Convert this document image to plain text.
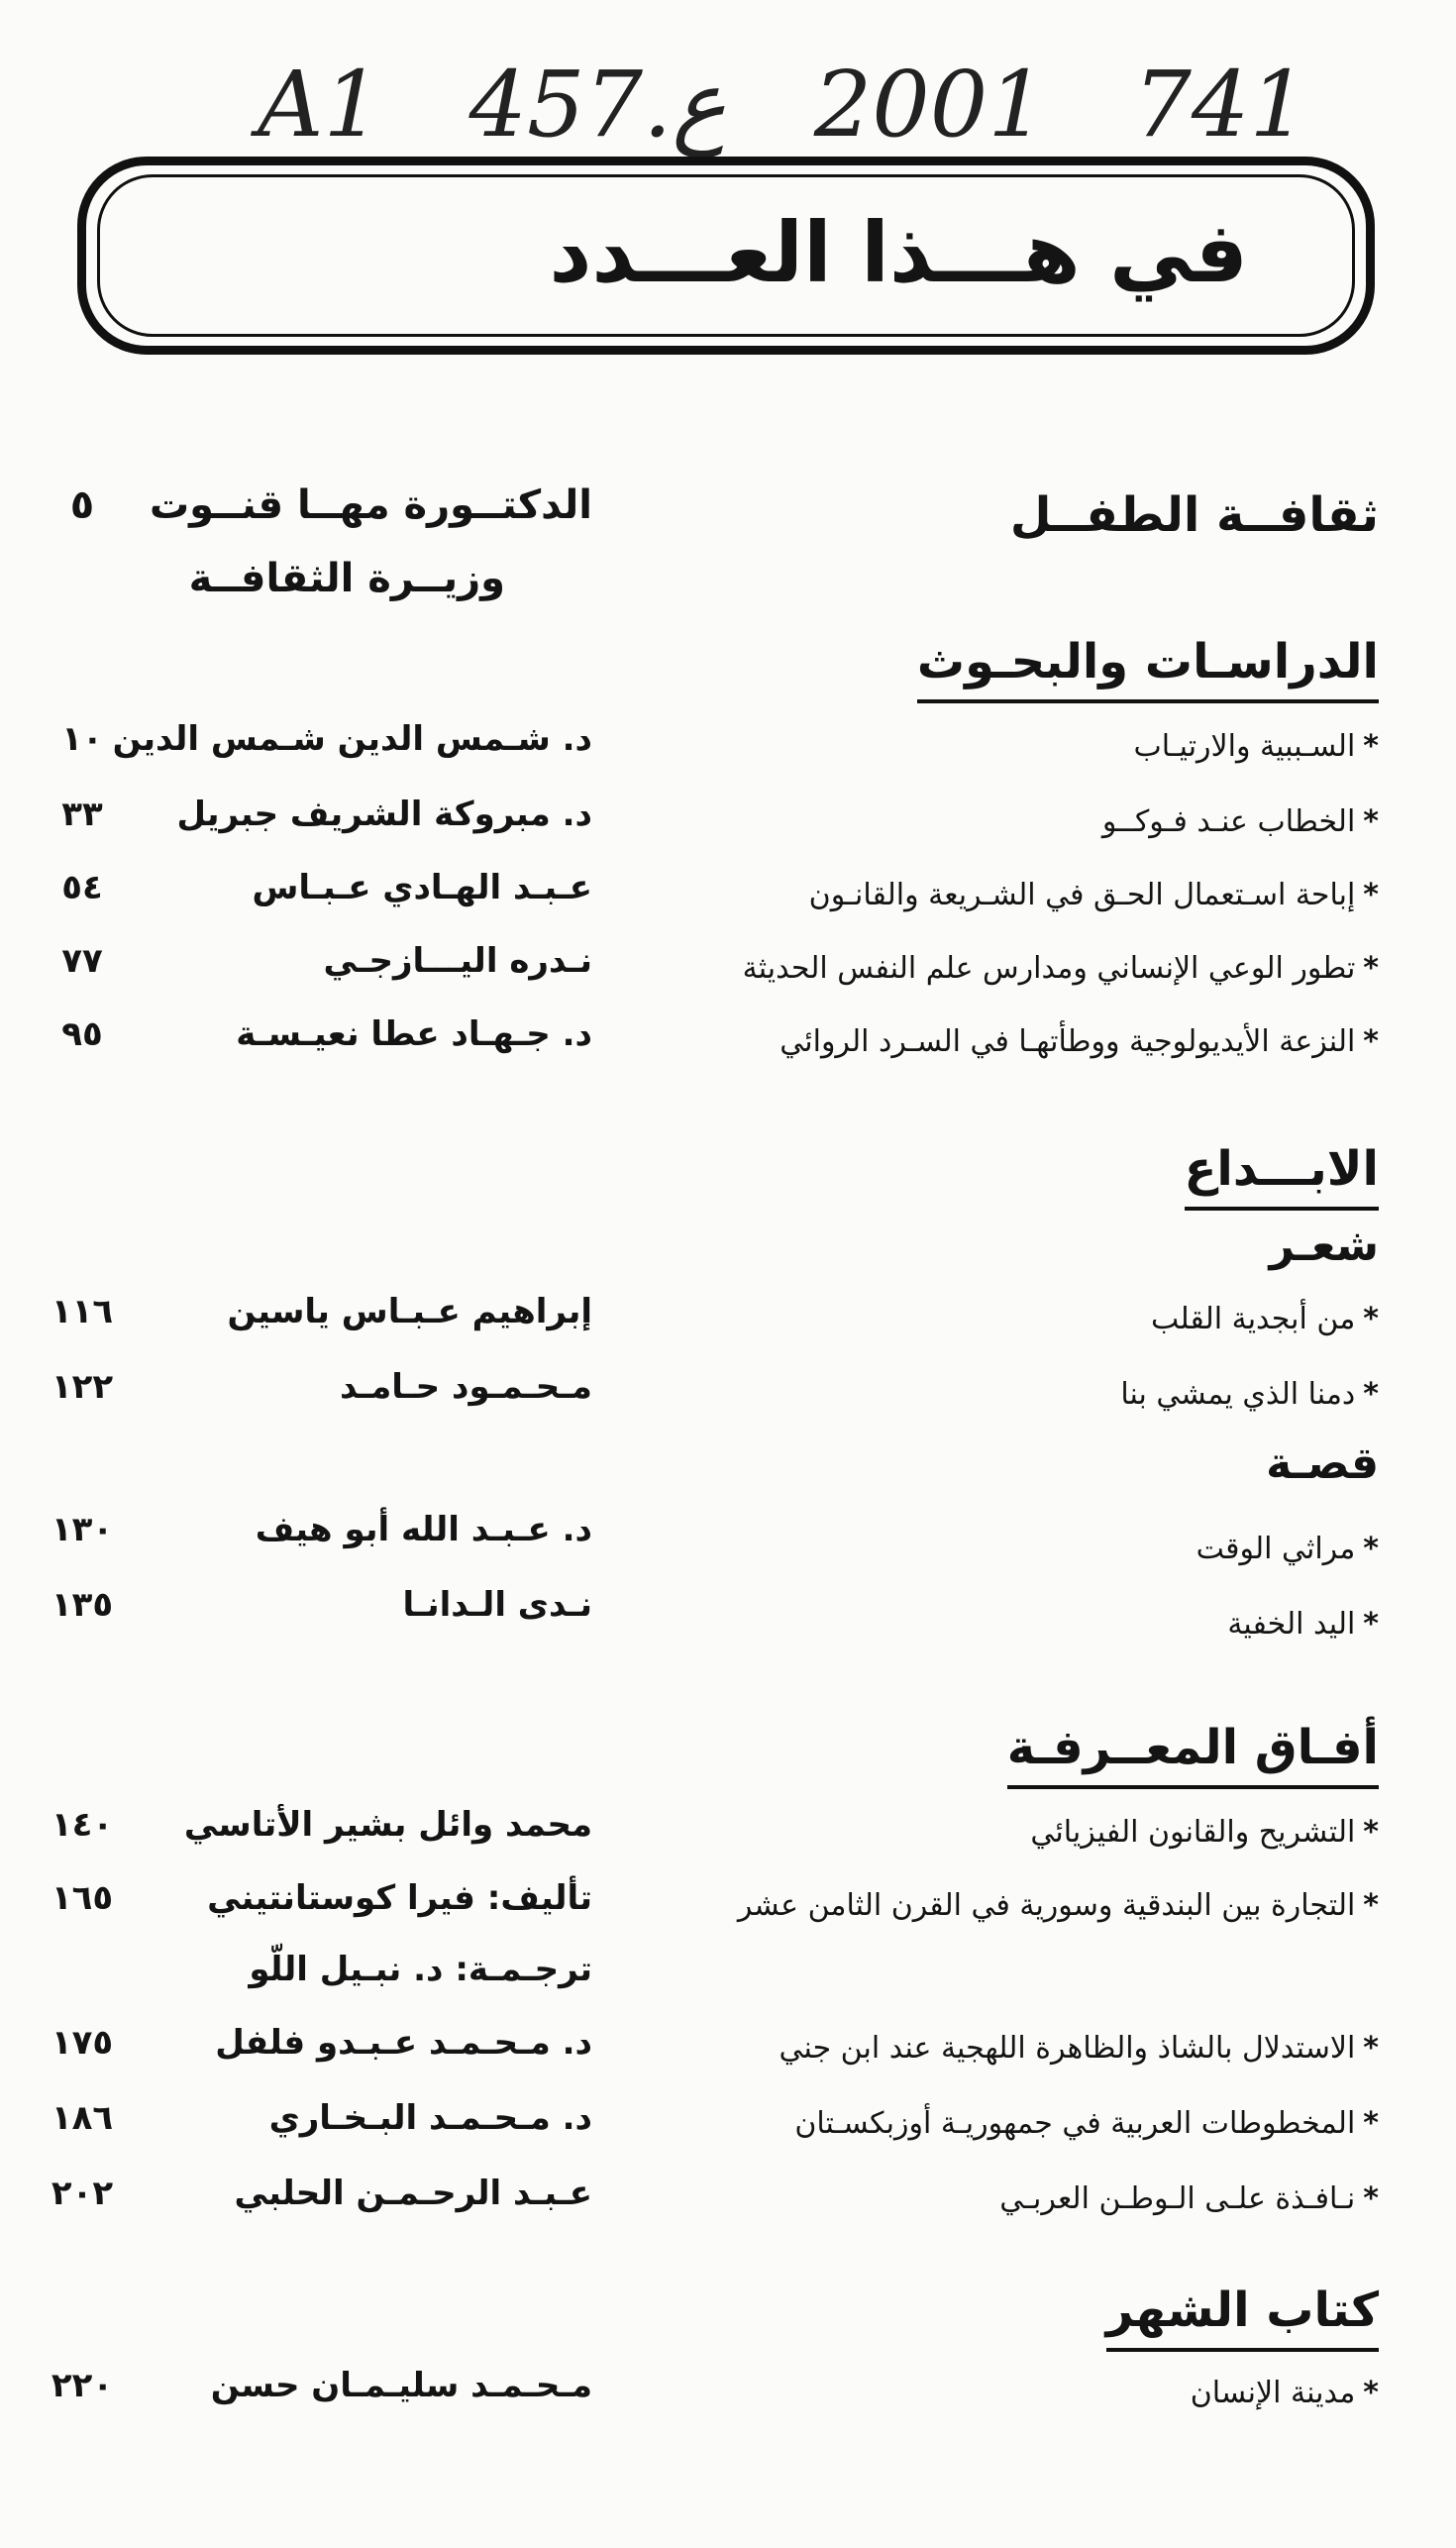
A1 457.ع 2001 741
في هـــذا العـــدد
ثقافــة الطفــل
الدراسـات والبحـوث
الابـــداع
شعـر
قصـة
أفـاق المعــرفـة
كتاب الشهر
الدكتــورة مهــا قنــوت
وزيــرة الثقافــة
٥
*السـببية والارتيـاب
د. شـمس الدين شـمس الدين
١٠
*الخطاب عنـد فـوكــو
د. مبروكة الشريف جبريل
٣٣
*إباحة اسـتعمال الحـق في الشـريعة والقانـون
عـبـد الهـادي عـبـاس
٥٤
*تطور الوعي الإنساني ومدارس علم النفس الحديثة
نـدره اليـــازجـي
٧٧
*النزعة الأيديولوجية ووطأتهـا في السـرد الروائي
د. جـهـاد عطا نعيـسـة
٩٥
*من أبجدية القلب
إبراهيم عـبـاس ياسين
١١٦
*دمنا الذي يمشي بنا
مـحـمـود حـامـد
١٢٢
*مراثي الوقت
د. عـبـد الله أبو هيف
١٣٠
*اليد الخفية
نـدى الـدانـا
١٣٥
*التشريح والقانون الفيزيائي
محمد وائل بشير الأتاسي
١٤٠
*التجارة بين البندقية وسورية في القرن الثامن عشر
تأليف: فيرا كوستانتيني
ترجـمـة: د. نبـيل اللّو
١٦٥
*الاستدلال بالشاذ والظاهرة اللهجية عند ابن جني
د. مـحـمـد عـبـدو فلفل
١٧٥
*المخطوطات العربية في جمهوريـة أوزبكسـتان
د. مـحـمـد البـخـاري
١٨٦
*نـافـذة علـى الـوطـن العربـي
عـبـد الرحـمـن الحلبي
٢٠٢
*مدينة الإنسان
مـحـمـد سليـمـان حسن
٢٢٠
